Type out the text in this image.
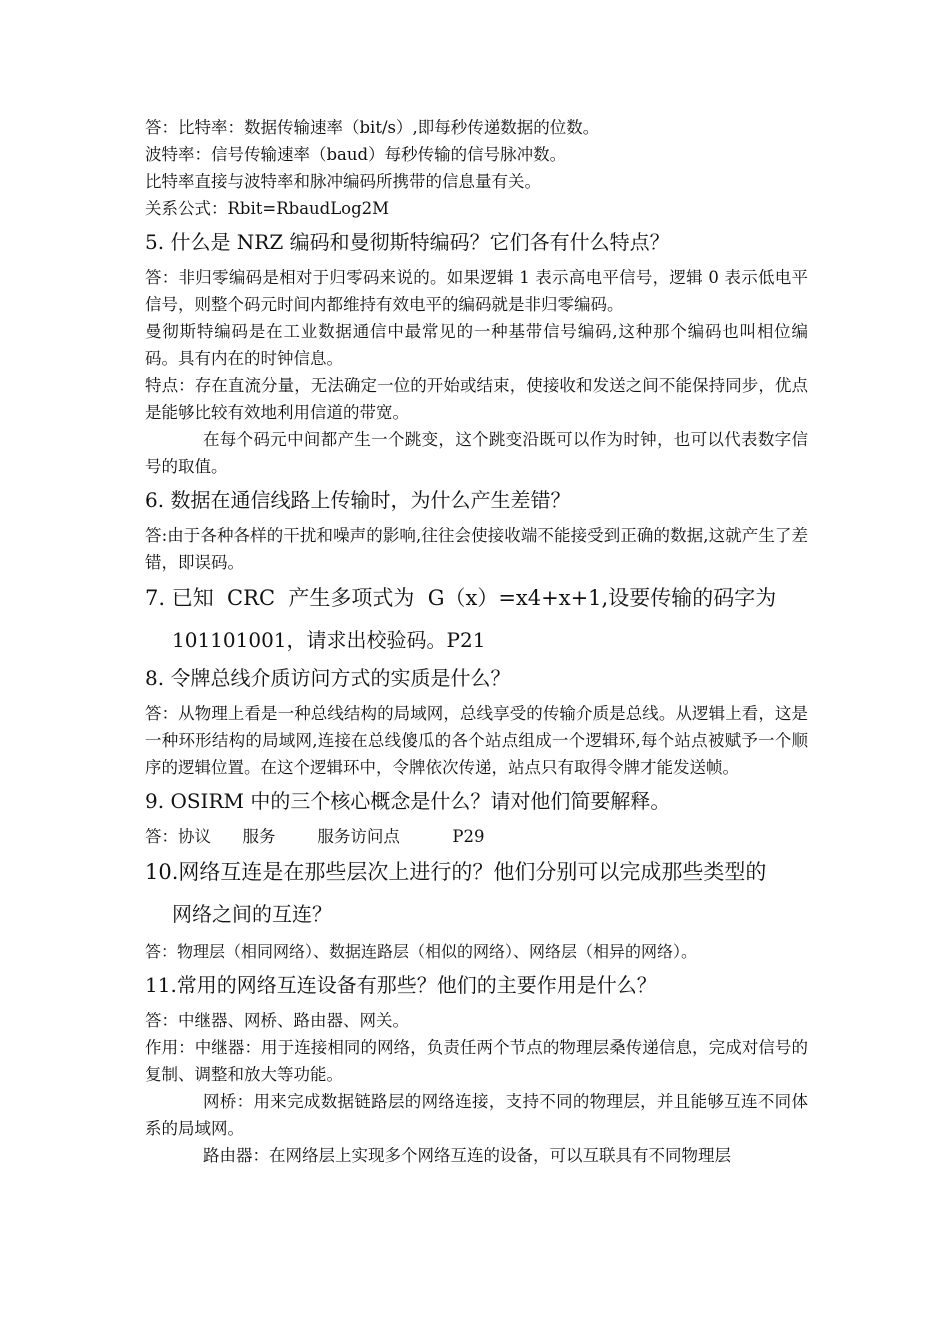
答：比特率：数据传输速率（bit/s）,即每秒传递数据的位数。

波特率：信号传输速率（baud）每秒传输的信号脉冲数。

比特率直接与波特率和脉冲编码所携带的信息量有关。

关系公式：Rbit=RbaudLog2M

5. 什么是 NRZ 编码和曼彻斯特编码？它们各有什么特点？

答：非归零编码是相对于归零码来说的。如果逻辑 1 表示高电平信号，逻辑 0 表示低电平信号，则整个码元时间内都维持有效电平的编码就是非归零编码。

曼彻斯特编码是在工业数据通信中最常见的一种基带信号编码,这种那个编码也叫相位编码。具有内在的时钟信息。

特点：存在直流分量，无法确定一位的开始或结束，使接收和发送之间不能保持同步，优点是能够比较有效地利用信道的带宽。

在每个码元中间都产生一个跳变，这个跳变沿既可以作为时钟，也可以代表数字信号的取值。

6. 数据在通信线路上传输时，为什么产生差错？

答:由于各种各样的干扰和噪声的影响,往往会使接收端不能接受到正确的数据,这就产生了差错，即误码。

7. 已知  CRC  产生多项式为  G（x）=x4+x+1,设要传输的码字为

101101001，请求出校验码。P21

8. 令牌总线介质访问方式的实质是什么？

答：从物理上看是一种总线结构的局域网，总线享受的传输介质是总线。从逻辑上看，这是一种环形结构的局域网,连接在总线傻瓜的各个站点组成一个逻辑环,每个站点被赋予一个顺序的逻辑位置。在这个逻辑环中，令牌依次传递，站点只有取得令牌才能发送帧。

9. OSIRM 中的三个核心概念是什么？请对他们简要解释。

答：协议      服务        服务访问点          P29

10.网络互连是在那些层次上进行的？他们分别可以完成那些类型的

网络之间的互连？

答：物理层（相同网络）、数据连路层（相似的网络）、网络层（相异的网络）。

11.常用的网络互连设备有那些？他们的主要作用是什么？

答：中继器、网桥、路由器、网关。

作用：中继器：用于连接相同的网络，负责任两个节点的物理层桑传递信息，完成对信号的复制、调整和放大等功能。

网桥：用来完成数据链路层的网络连接，支持不同的物理层，并且能够互连不同体系的局域网。

路由器：在网络层上实现多个网络互连的设备，可以互联具有不同物理层
